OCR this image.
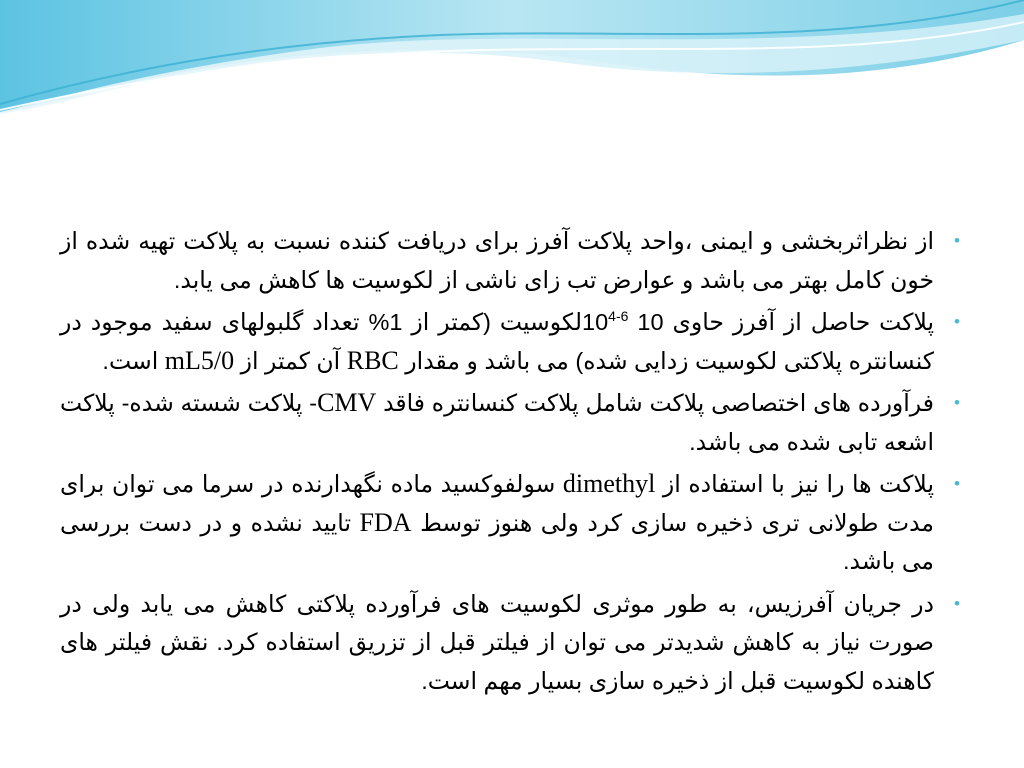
• از نظراثربخشی و ایمنی ،واحد پلاکت آفرز برای دریافت کننده نسبت به پلاکت تهیه شده از خون کامل بهتر می باشد و عوارض تب زای ناشی از لکوسیت ها کاهش می یابد.
• پلاکت حاصل از آفرز حاوی 10$^{4-6}$ 10لکوسیت (کمتر از 1% تعداد گلبولهای سفید موجود در کنسانتره پلاکتی لکوسیت زدایی شده) می باشد و مقدار RBC آن کمتر از mL5/0 است.
• فرآورده های اختصاصی پلاکت شامل پلاکت کنسانتره فاقد CMV- پلاکت شسته شده- پلاکت اشعه تابی شده می باشد.
• پلاکت ها را نیز با استفاده از dimethyl سولفوکسید ماده نگهدارنده در سرما می توان برای مدت طولانی تری ذخیره سازی کرد ولی هنوز توسط FDA تایید نشده و در دست بررسی می باشد.
• در جریان آفرزیس، به طور موثری لکوسیت های فرآورده پلاکتی کاهش می یابد ولی در صورت نیاز به کاهش شدیدتر می توان از فیلتر قبل از تزریق استفاده کرد. نقش فیلتر های کاهنده لکوسیت قبل از ذخیره سازی بسیار مهم است.
